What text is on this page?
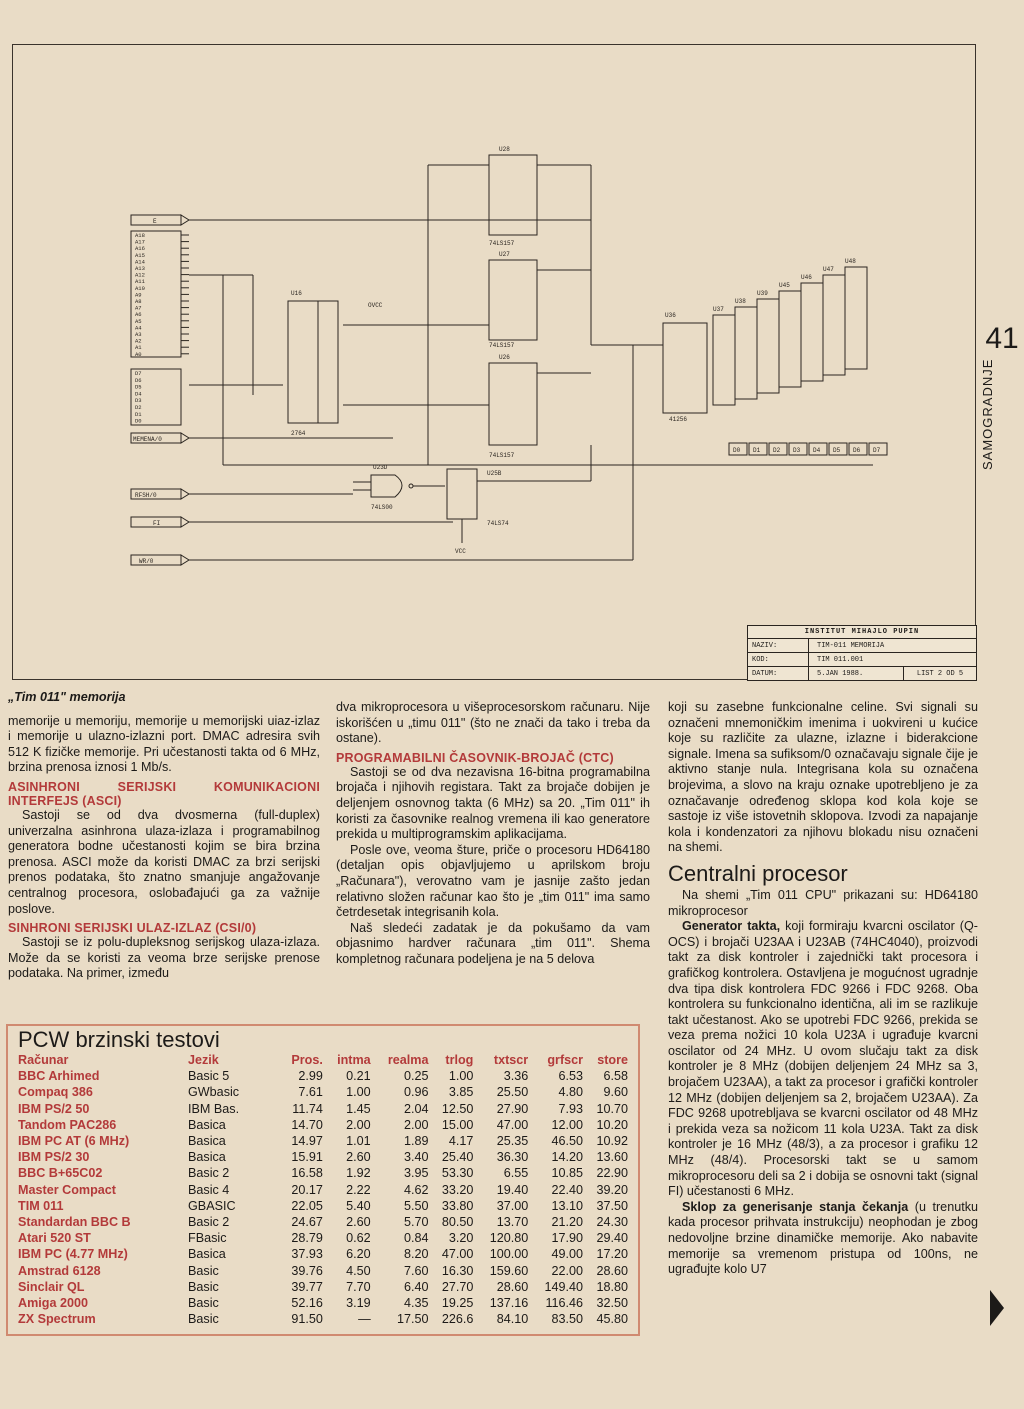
E
A18
A17
A16
A15
A14
A13
A12
A11
A10
A9
A8
A7
A6
A5
A4
A3
A2
A1
A0
D7
D6
D5
D4
D3
D2
D1
D0
MEMENA/0
RFSH/0
FI
WR/0
U16
2764
OVCC
U28
74LS157
U27
74LS157
U26
74LS157
U23D
74LS00
U25B
74LS74
VCC
U36
41256
U37
U38
U39
U45
U46
U47
U48
D0 D1 D2 D3 D4 D5 D6 D7
INSTITUT MIHAJLO PUPIN
NAZIV:	TIM-011 MEMORIJA
KOD:	TIM 011.001
DATUM:	5.JAN 1988.	LIST 2 OD 5
41
SAMOGRADNJE

„Tim 011" memorija

memorije u memoriju, memorije u memorijski uiaz-izlaz i memorije u ulazno-izlazni port. DMAC adresira svih 512 K fizičke memorije. Pri učestanosti takta od 6 MHz, brzina prenosa iznosi 1 Mb/s.

ASINHRONI SERIJSKI KOMUNIKACIONI INTERFEJS (ASCI)

Sastoji se od dva dvosmerna (full-duplex) univerzalna asinhrona ulaza-izlaza i programabilnog generatora bodne učestanosti kojim se bira brzina prenosa. ASCI može da koristi DMAC za brzi serijski prenos podataka, što znatno smanjuje angažovanje centralnog procesora, oslobađajući ga za važnije poslove.

SINHRONI SERIJSKI ULAZ-IZLAZ (CSI/0)

Sastoji se iz polu-dupleksnog serijskog ulaza-izlaza. Može da se koristi za veoma brze serijske prenose podataka. Na primer, između

dva mikroprocesora u višeprocesorskom računaru. Nije iskorišćen u „timu 011" (što ne znači da tako i treba da ostane).

PROGRAMABILNI ČASOVNIK-BROJAČ (CTC)

Sastoji se od dva nezavisna 16-bitna programabilna brojača i njihovih registara. Takt za brojače dobijen je deljenjem osnovnog takta (6 MHz) sa 20. „Tim 011" ih koristi za časovnike realnog vremena ili kao generatore prekida u multiprogramskim aplikacijama.

Posle ove, veoma šture, priče o procesoru HD64180 (detaljan opis objavljujemo u aprilskom broju „Računara"), verovatno vam je jasnije zašto jedan relativno složen računar kao što je „tim 011" ima samo četrdesetak integrisanih kola.

Naš sledeći zadatak je da pokušamo da vam objasnimo hardver računara „tim 011". Shema kompletnog računara podeljena je na 5 delova

koji su zasebne funkcionalne celine. Svi signali su označeni mnemoničkim imenima i uokvireni u kućice koje su različite za ulazne, izlazne i biderakcione signale. Imena sa sufiksom/0 označavaju signale čije je aktivno stanje nula. Integrisana kola su označena brojevima, a slovo na kraju oznake upotrebljeno je za označavanje određenog sklopa kod kola koje se sastoje iz više istovetnih sklopova. Izvodi za napajanje kola i kondenzatori za njihovu blokadu nisu označeni na shemi.

Centralni procesor

Na shemi „Tim 011 CPU" prikazani su: HD64180 mikroprocesor

Generator takta, koji formiraju kvarcni oscilator (Q-OCS) i brojači U23AA i U23AB (74HC4040), proizvodi takt za disk kontroler i zajednički takt procesora i grafičkog kontrolera. Ostavljena je mogućnost ugradnje dva tipa disk kontrolera FDC 9266 i FDC 9268. Oba kontrolera su funkcionalno identična, ali im se razlikuje takt učestanost. Ako se upotrebi FDC 9266, prekida se veza prema nožici 10 kola U23A i ugrađuje kvarcni oscilator od 24 MHz. U ovom slučaju takt za disk kontroler je 8 MHz (dobijen deljenjem 24 MHz sa 3, brojačem U23AA), a takt za procesor i grafički kontroler 12 MHz (dobijen deljenjem sa 2, brojačem U23AA). Za FDC 9268 upotrebljava se kvarcni oscilator od 48 MHz i prekida veza sa nožicom 11 kola U23A. Takt za disk kontroler je 16 MHz (48/3), a za procesor i grafiku 12 MHz (48/4). Procesorski takt se u samom mikroprocesoru deli sa 2 i dobija se osnovni takt (signal FI) učestanosti 6 MHz.

Sklop za generisanje stanja čekanja (u trenutku kada procesor prihvata instrukciju) neophodan je zbog nedovoljne brzine dinamičke memorije. Ako nabavite memorije sa vremenom pristupa od 100ns, ne ugrađujte kolo U7

PCW brzinski testovi
Računar	Jezik	Pros.	intma	realma	trlog	txtscr	grfscr	store
BBC Arhimed	Basic 5	2.99	0.21	0.25	1.00	3.36	6.53	6.58
Compaq 386	GWbasic	7.61	1.00	0.96	3.85	25.50	4.80	9.60
IBM PS/2 50	IBM Bas.	11.74	1.45	2.04	12.50	27.90	7.93	10.70
Tandom PAC286	Basica	14.70	2.00	2.00	15.00	47.00	12.00	10.20
IBM PC AT (6 MHz)	Basica	14.97	1.01	1.89	4.17	25.35	46.50	10.92
IBM PS/2 30	Basica	15.91	2.60	3.40	25.40	36.30	14.20	13.60
BBC B+65C02	Basic 2	16.58	1.92	3.95	53.30	6.55	10.85	22.90
Master Compact	Basic 4	20.17	2.22	4.62	33.20	19.40	22.40	39.20
TIM 011	GBASIC	22.05	5.40	5.50	33.80	37.00	13.10	37.50
Standardan BBC B	Basic 2	24.67	2.60	5.70	80.50	13.70	21.20	24.30
Atari 520 ST	FBasic	28.79	0.62	0.84	3.20	120.80	17.90	29.40
IBM PC (4.77 MHz)	Basica	37.93	6.20	8.20	47.00	100.00	49.00	17.20
Amstrad 6128	Basic	39.76	4.50	7.60	16.30	159.60	22.00	28.60
Sinclair QL	Basic	39.77	7.70	6.40	27.70	28.60	149.40	18.80
Amiga 2000	Basic	52.16	3.19	4.35	19.25	137.16	116.46	32.50
ZX Spectrum	Basic	91.50	—	17.50	226.6	84.10	83.50	45.80
